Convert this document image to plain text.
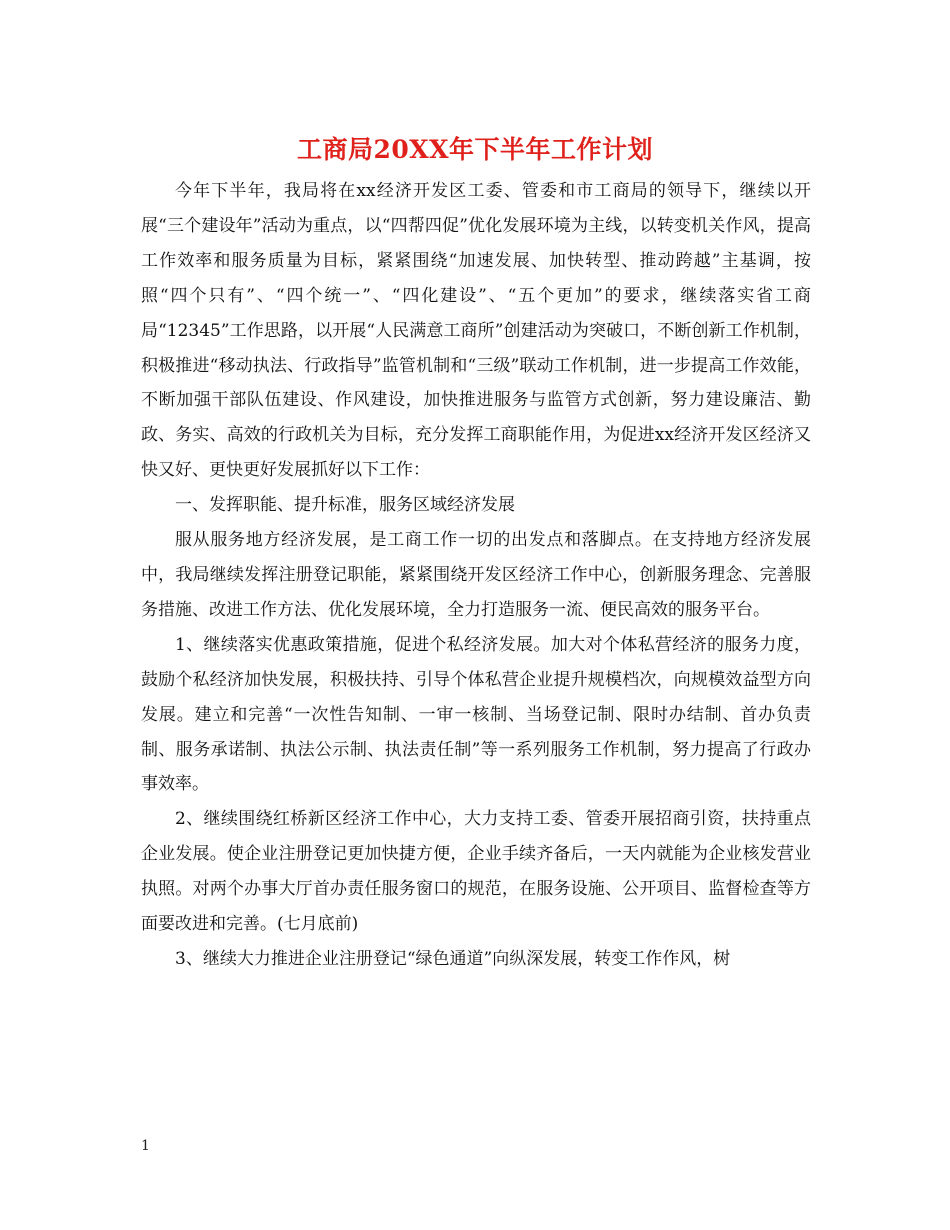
工商局20XX年下半年工作计划

今年下半年，我局将在xx经济开发区工委、管委和市工商局的领导下，继续以开展“三个建设年”活动为重点，以“四帮四促”优化发展环境为主线，以转变机关作风，提高工作效率和服务质量为目标，紧紧围绕“加速发展、加快转型、推动跨越”主基调，按照“四个只有”、“四个统一”、“四化建设”、“五个更加”的要求，继续落实省工商局“12345”工作思路，以开展“人民满意工商所”创建活动为突破口，不断创新工作机制，积极推进“移动执法、行政指导”监管机制和“三级”联动工作机制，进一步提高工作效能，不断加强干部队伍建设、作风建设，加快推进服务与监管方式创新，努力建设廉洁、勤政、务实、高效的行政机关为目标，充分发挥工商职能作用，为促进xx经济开发区经济又快又好、更快更好发展抓好以下工作：

一、发挥职能、提升标准，服务区域经济发展

服从服务地方经济发展，是工商工作一切的出发点和落脚点。在支持地方经济发展中，我局继续发挥注册登记职能，紧紧围绕开发区经济工作中心，创新服务理念、完善服务措施、改进工作方法、优化发展环境，全力打造服务一流、便民高效的服务平台。

1、继续落实优惠政策措施，促进个私经济发展。加大对个体私营经济的服务力度，鼓励个私经济加快发展，积极扶持、引导个体私营企业提升规模档次，向规模效益型方向发展。建立和完善“一次性告知制、一审一核制、当场登记制、限时办结制、首办负责制、服务承诺制、执法公示制、执法责任制”等一系列服务工作机制，努力提高了行政办事效率。

2、继续围绕红桥新区经济工作中心，大力支持工委、管委开展招商引资，扶持重点企业发展。使企业注册登记更加快捷方便，企业手续齐备后，一天内就能为企业核发营业执照。对两个办事大厅首办责任服务窗口的规范，在服务设施、公开项目、监督检查等方面要改进和完善。(七月底前)

3、继续大力推进企业注册登记“绿色通道”向纵深发展，转变工作作风，树

1
